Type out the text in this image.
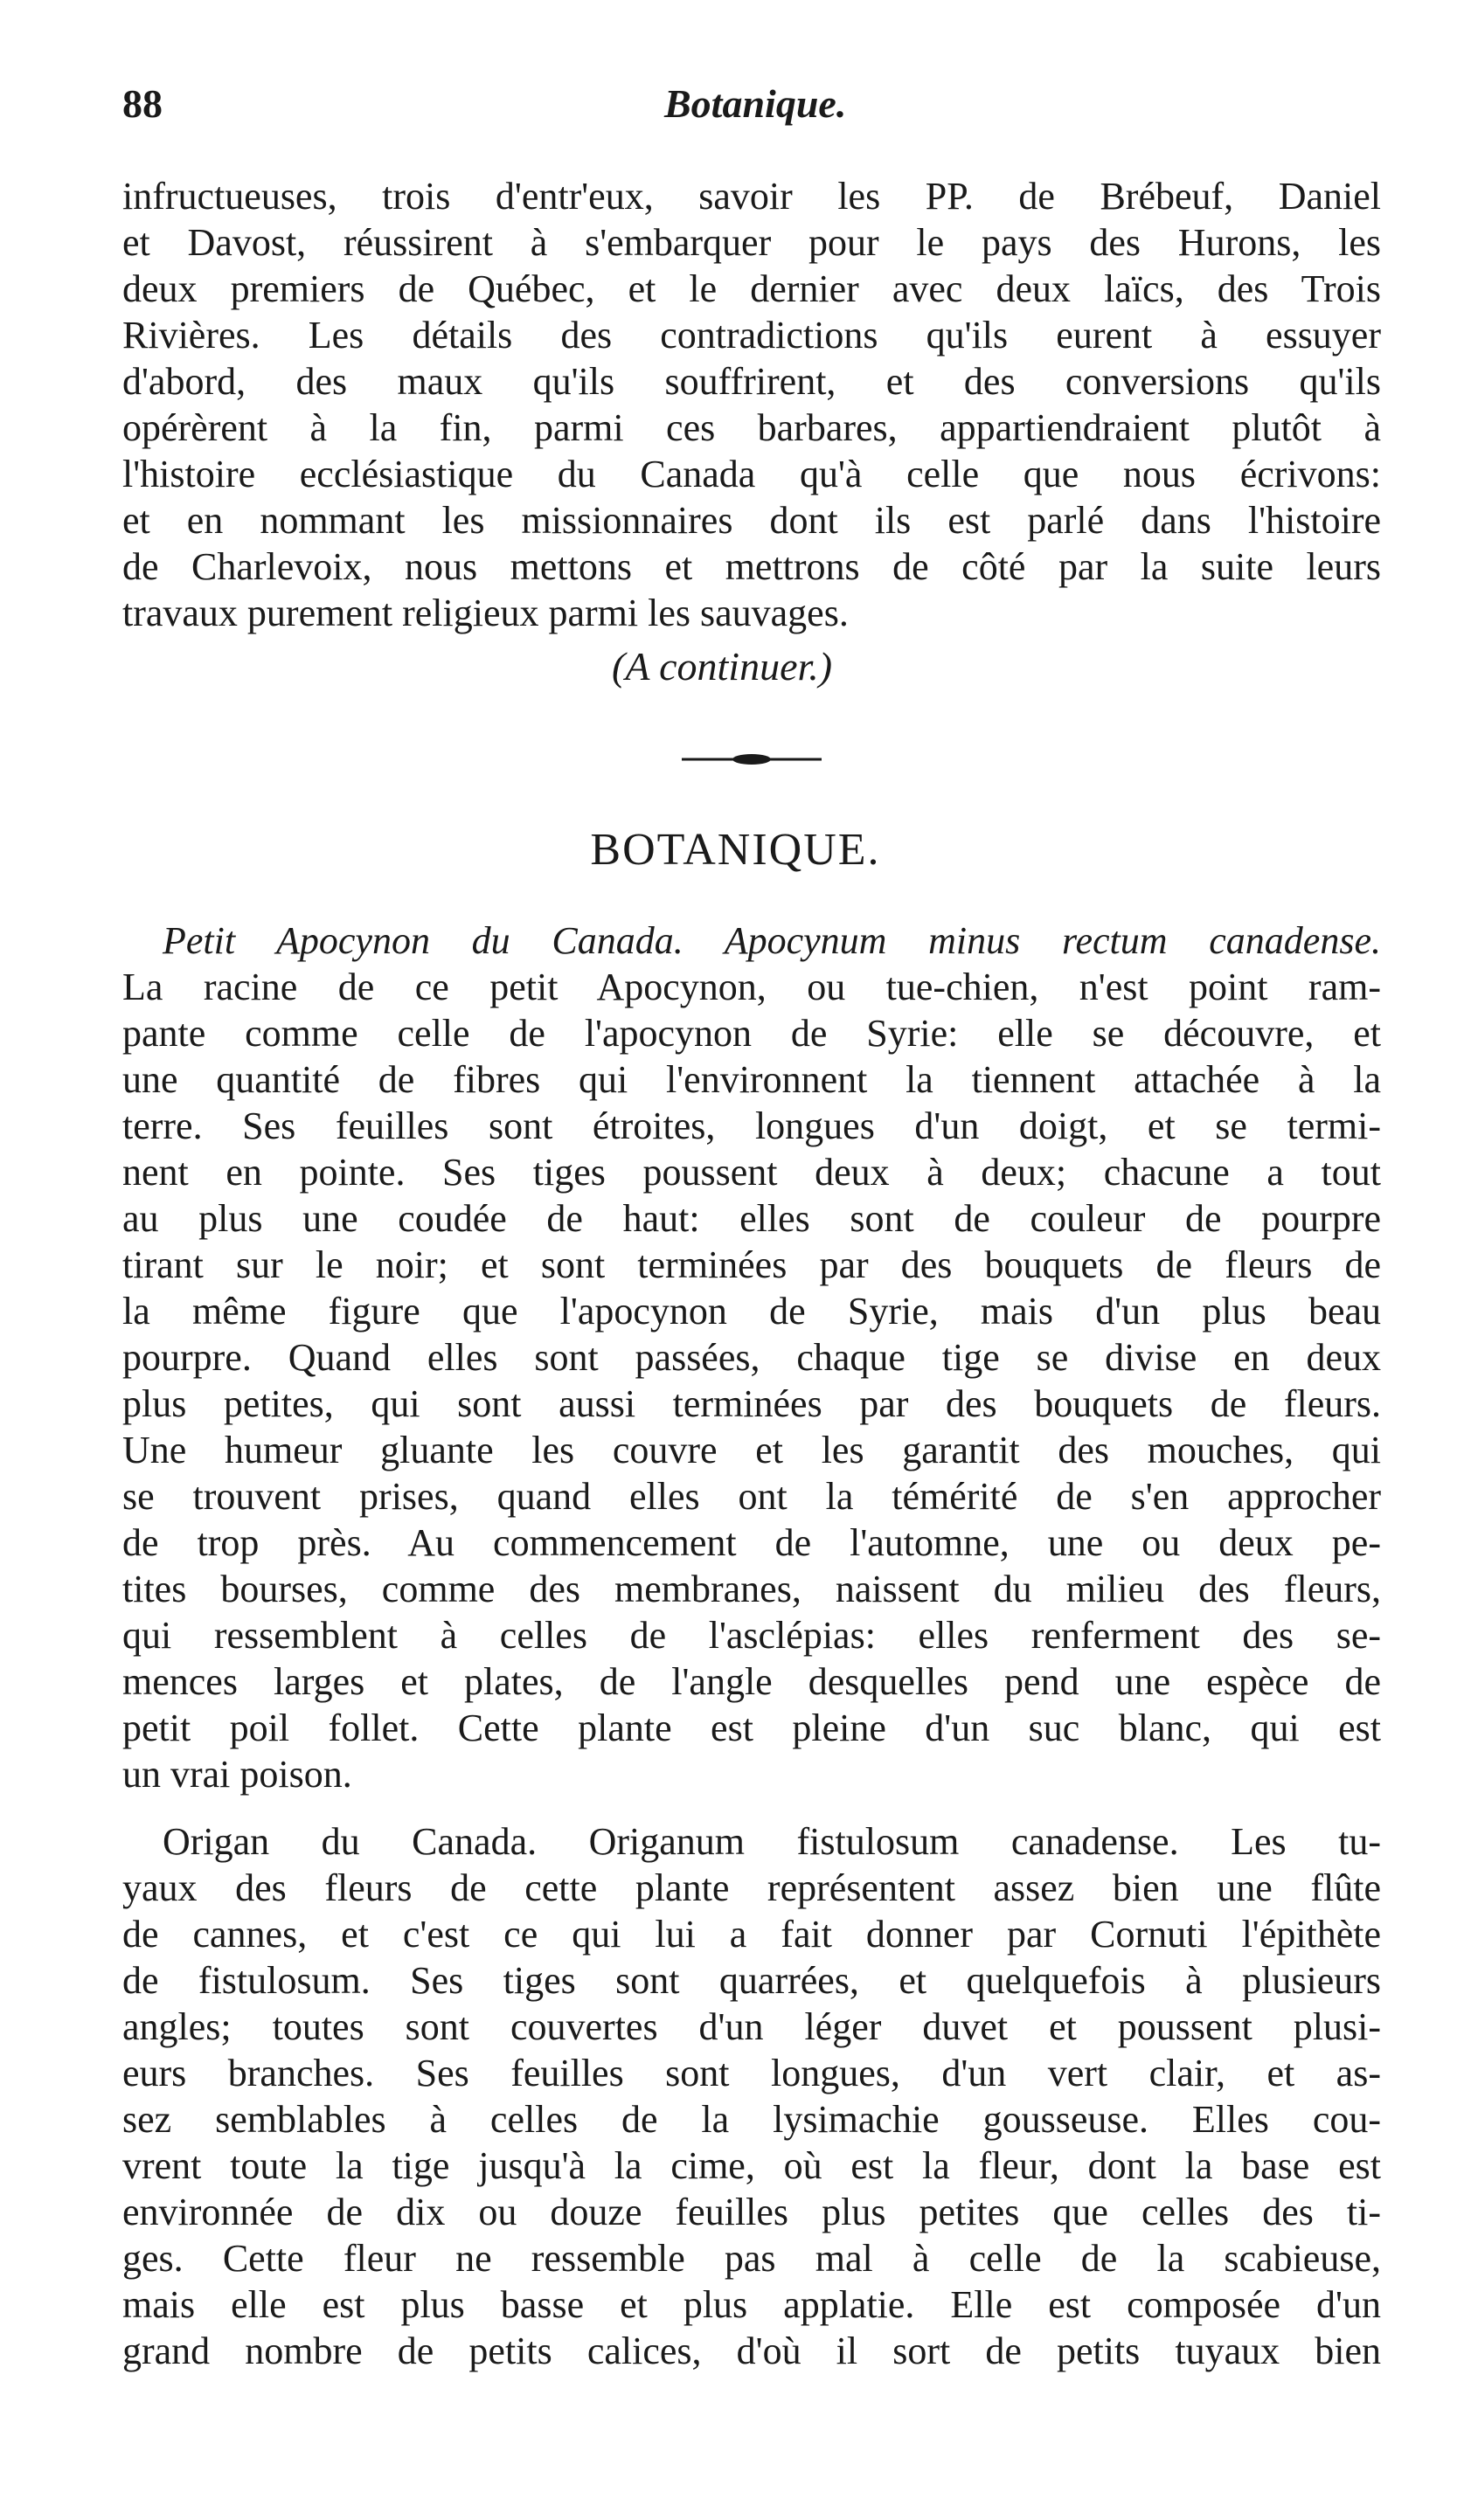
88	Botanique.
infructueuses, trois d'entr'eux, savoir les PP. de Brébeuf, Daniel
et Davost, réussirent à s'embarquer pour le pays des Hurons, les
deux premiers de Québec, et le dernier avec deux laïcs, des Trois
Rivières. Les détails des contradictions qu'ils eurent à essuyer
d'abord, des maux qu'ils souffrirent, et des conversions qu'ils
opérèrent à la fin, parmi ces barbares, appartiendraient plutôt à
l'histoire ecclésiastique du Canada qu'à celle que nous écrivons:
et en nommant les missionnaires dont ils est parlé dans l'histoire
de Charlevoix, nous mettons et mettrons de côté par la suite leurs
travaux purement religieux parmi les sauvages.
(A continuer.)
BOTANIQUE.
Petit Apocynon du Canada. Apocynum minus rectum canadense.
La racine de ce petit Apocynon, ou tue-chien, n'est point ram-
pante comme celle de l'apocynon de Syrie: elle se découvre, et
une quantité de fibres qui l'environnent la tiennent attachée à la
terre. Ses feuilles sont étroites, longues d'un doigt, et se termi-
nent en pointe. Ses tiges poussent deux à deux; chacune a tout
au plus une coudée de haut: elles sont de couleur de pourpre
tirant sur le noir; et sont terminées par des bouquets de fleurs de
la même figure que l'apocynon de Syrie, mais d'un plus beau
pourpre. Quand elles sont passées, chaque tige se divise en deux
plus petites, qui sont aussi terminées par des bouquets de fleurs.
Une humeur gluante les couvre et les garantit des mouches, qui
se trouvent prises, quand elles ont la témérité de s'en approcher
de trop près. Au commencement de l'automne, une ou deux pe-
tites bourses, comme des membranes, naissent du milieu des fleurs,
qui ressemblent à celles de l'asclépias: elles renferment des se-
mences larges et plates, de l'angle desquelles pend une espèce de
petit poil follet. Cette plante est pleine d'un suc blanc, qui est
un vrai poison.
Origan du Canada. Origanum fistulosum canadense. Les tu-
yaux des fleurs de cette plante représentent assez bien une flûte
de cannes, et c'est ce qui lui a fait donner par Cornuti l'épithète
de fistulosum. Ses tiges sont quarrées, et quelquefois à plusieurs
angles; toutes sont couvertes d'un léger duvet et poussent plusi-
eurs branches. Ses feuilles sont longues, d'un vert clair, et as-
sez semblables à celles de la lysimachie gousseuse. Elles cou-
vrent toute la tige jusqu'à la cime, où est la fleur, dont la base est
environnée de dix ou douze feuilles plus petites que celles des ti-
ges. Cette fleur ne ressemble pas mal à celle de la scabieuse,
mais elle est plus basse et plus applatie. Elle est composée d'un
grand nombre de petits calices, d'où il sort de petits tuyaux bien
